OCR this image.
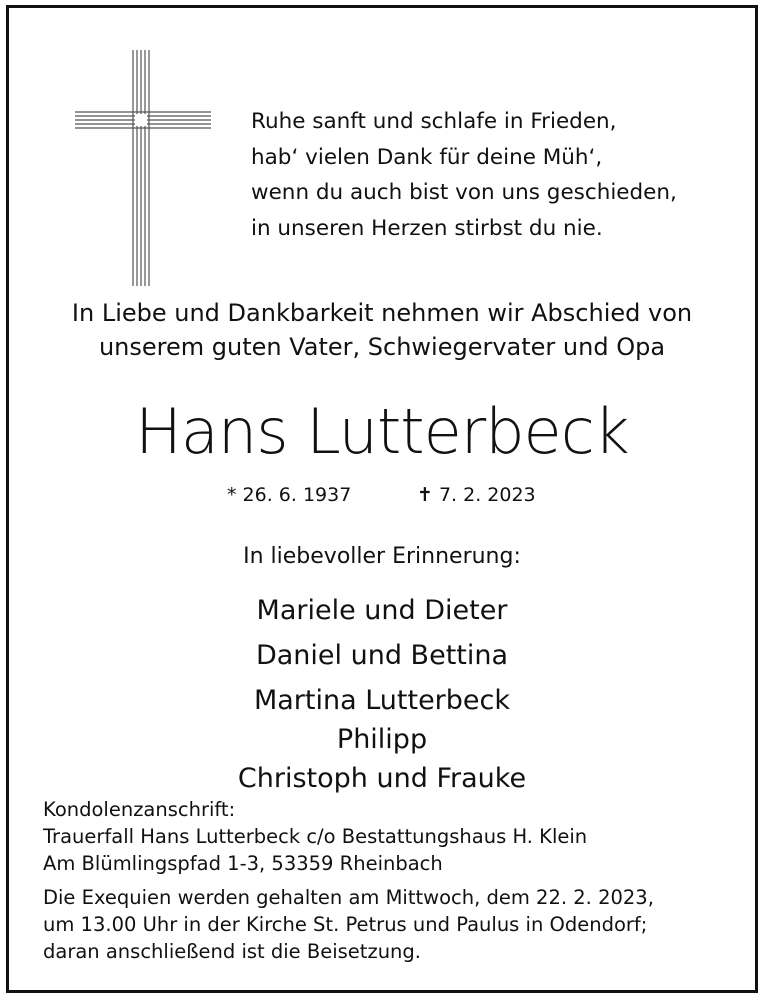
Ruhe sanft und schlafe in Frieden,
hab‘ vielen Dank für deine Müh‘,
wenn du auch bist von uns geschieden,
in unseren Herzen stirbst du nie.
In Liebe und Dankbarkeit nehmen wir Abschied von
unserem guten Vater, Schwiegervater und Opa
Hans Lutterbeck
* 26. 6. 1937	✝ 7. 2. 2023
In liebevoller Erinnerung:
Mariele und Dieter
Daniel und Bettina
Martina Lutterbeck
Philipp
Christoph und Frauke
Kondolenzanschrift:
Trauerfall Hans Lutterbeck c/o Bestattungshaus H. Klein
Am Blümlingspfad 1-3, 53359 Rheinbach
Die Exequien werden gehalten am Mittwoch, dem 22. 2. 2023,
um 13.00 Uhr in der Kirche St. Petrus und Paulus in Odendorf;
daran anschließend ist die Beisetzung.
